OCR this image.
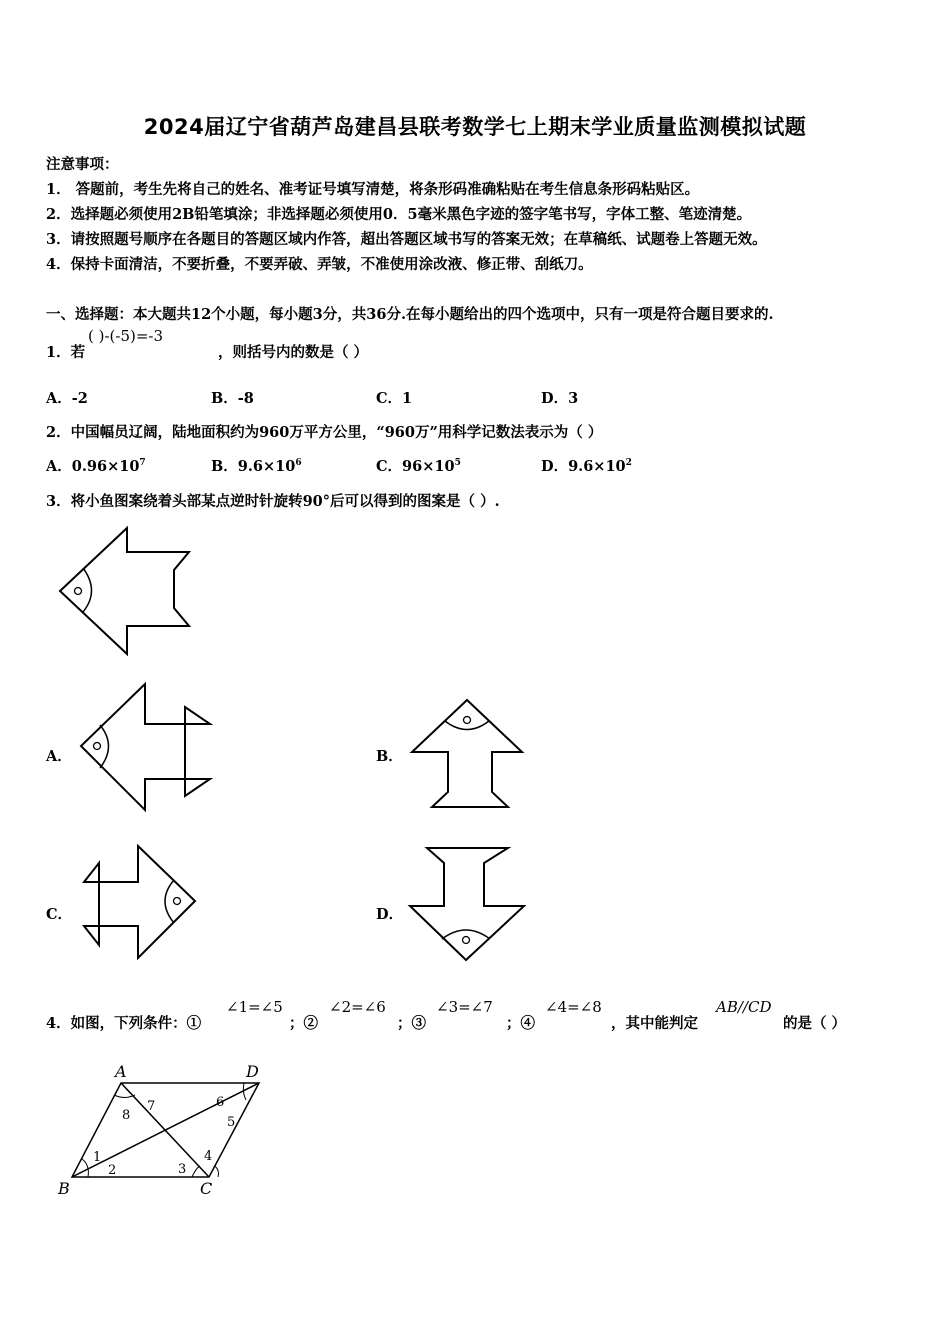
2024届辽宁省葫芦岛建昌县联考数学七上期末学业质量监测模拟试题
注意事项：
1． 答题前，考生先将自己的姓名、准考证号填写清楚，将条形码准确粘贴在考生信息条形码粘贴区。
2．选择题必须使用2B铅笔填涂；非选择题必须使用0．5毫米黑色字迹的签字笔书写，字体工整、笔迹清楚。
3．请按照题号顺序在各题目的答题区域内作答，超出答题区域书写的答案无效；在草稿纸、试题卷上答题无效。
4．保持卡面清洁，不要折叠，不要弄破、弄皱，不准使用涂改液、修正带、刮纸刀。
一、选择题：本大题共12个小题，每小题3分，共36分.在每小题给出的四个选项中，只有一项是符合题目要求的.
1．若
( )-(-5)=-3
，则括号内的数是（ ）
A．-2	B．-8	C．1	D．3
2．中国幅员辽阔，陆地面积约为960万平方公里，“960万”用科学记数法表示为（ ）
A．$0.96\times 10^7$	B．$9.6\times 10^6$	C．$96\times 10^5$	D．$9.6\times 10^2$
3．将小鱼图案绕着头部某点逆时针旋转90°后可以得到的图案是（ ）.
A．	B．
C．	D．
4．如图，下列条件：①
∠1=∠5
；②
∠2=∠6
；③
∠3=∠7
；④
∠4=∠8
，其中能判定
AB//CD
的是（ ）
A	D
B	C
1
2	3
4
5
6
7
8
